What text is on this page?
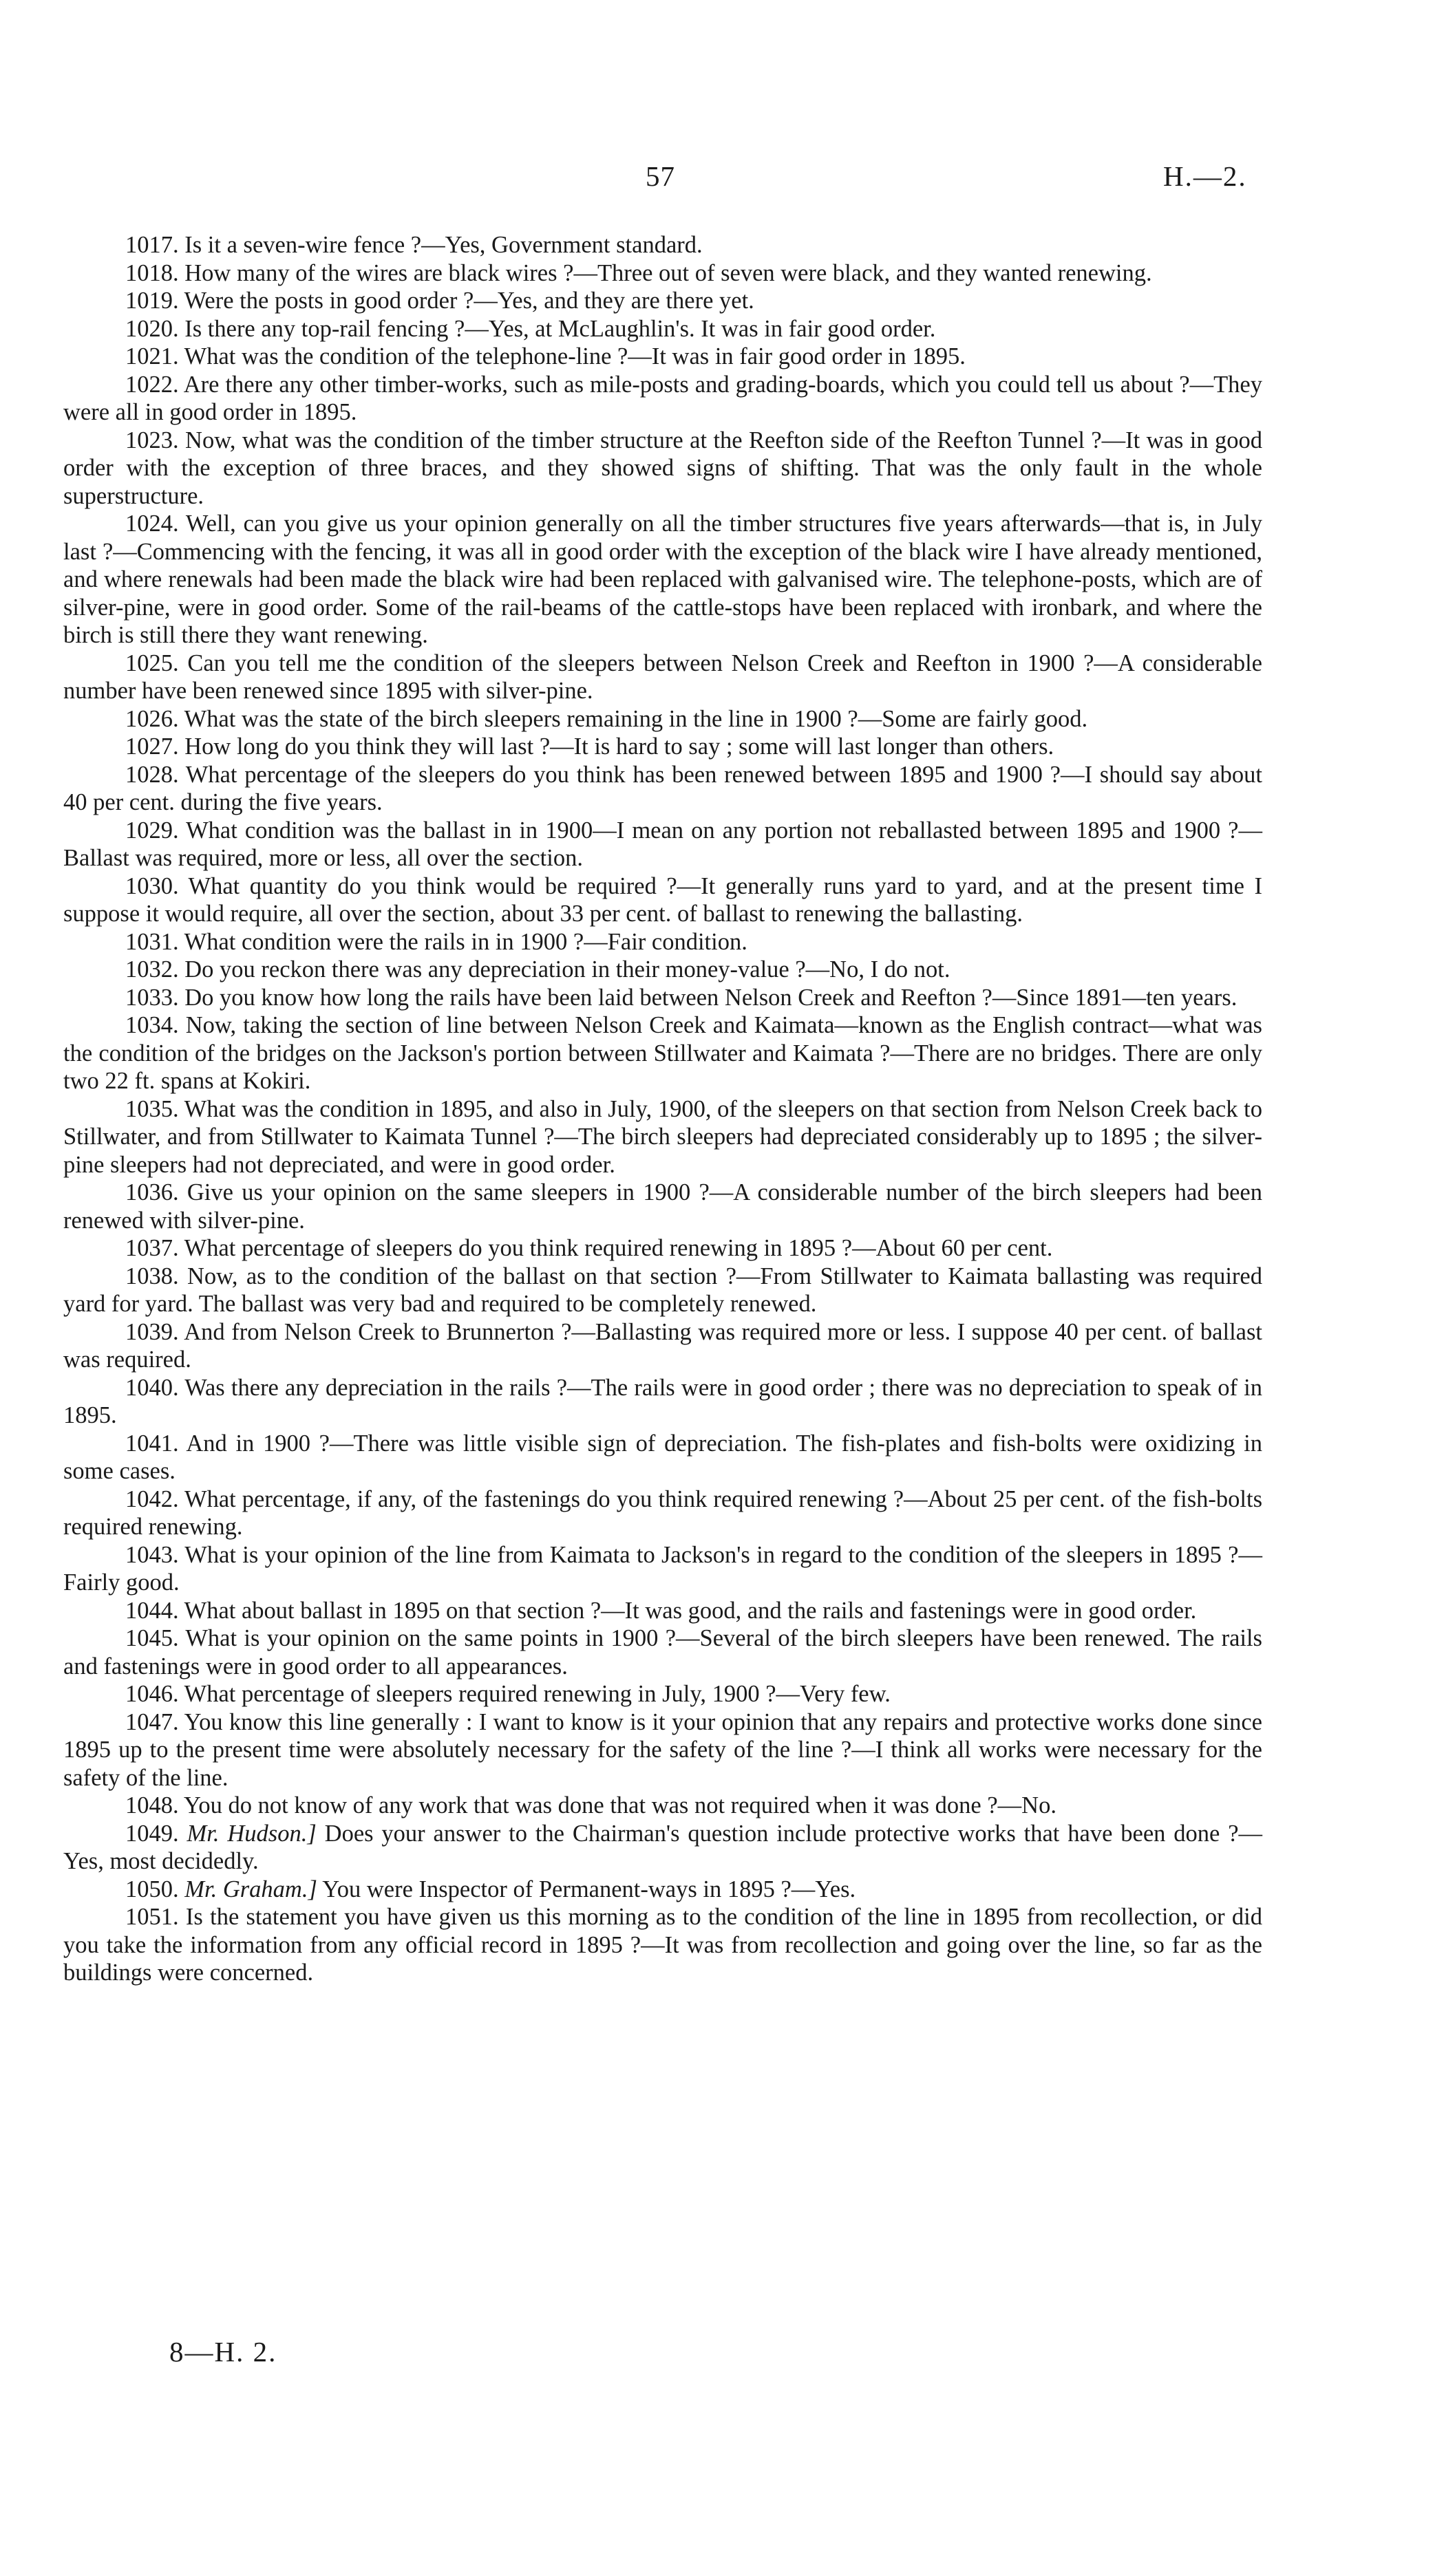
57	H.—2.

1017. Is it a seven-wire fence ?—Yes, Government standard.

1018. How many of the wires are black wires ?—Three out of seven were black, and they wanted renewing.

1019. Were the posts in good order ?—Yes, and they are there yet.

1020. Is there any top-rail fencing ?—Yes, at McLaughlin's. It was in fair good order.

1021. What was the condition of the telephone-line ?—It was in fair good order in 1895.

1022. Are there any other timber-works, such as mile-posts and grading-boards, which you could tell us about ?—They were all in good order in 1895.

1023. Now, what was the condition of the timber structure at the Reefton side of the Reefton Tunnel ?—It was in good order with the exception of three braces, and they showed signs of shifting. That was the only fault in the whole superstructure.

1024. Well, can you give us your opinion generally on all the timber structures five years afterwards—that is, in July last ?—Commencing with the fencing, it was all in good order with the exception of the black wire I have already mentioned, and where renewals had been made the black wire had been replaced with galvanised wire. The telephone-posts, which are of silver-pine, were in good order. Some of the rail-beams of the cattle-stops have been replaced with ironbark, and where the birch is still there they want renewing.

1025. Can you tell me the condition of the sleepers between Nelson Creek and Reefton in 1900 ?—A considerable number have been renewed since 1895 with silver-pine.

1026. What was the state of the birch sleepers remaining in the line in 1900 ?—Some are fairly good.

1027. How long do you think they will last ?—It is hard to say ; some will last longer than others.

1028. What percentage of the sleepers do you think has been renewed between 1895 and 1900 ?—I should say about 40 per cent. during the five years.

1029. What condition was the ballast in in 1900—I mean on any portion not reballasted between 1895 and 1900 ?—Ballast was required, more or less, all over the section.

1030. What quantity do you think would be required ?—It generally runs yard to yard, and at the present time I suppose it would require, all over the section, about 33 per cent. of ballast to renewing the ballasting.

1031. What condition were the rails in in 1900 ?—Fair condition.

1032. Do you reckon there was any depreciation in their money-value ?—No, I do not.

1033. Do you know how long the rails have been laid between Nelson Creek and Reefton ?—Since 1891—ten years.

1034. Now, taking the section of line between Nelson Creek and Kaimata—known as the English contract—what was the condition of the bridges on the Jackson's portion between Stillwater and Kaimata ?—There are no bridges. There are only two 22 ft. spans at Kokiri.

1035. What was the condition in 1895, and also in July, 1900, of the sleepers on that section from Nelson Creek back to Stillwater, and from Stillwater to Kaimata Tunnel ?—The birch sleepers had depreciated considerably up to 1895 ; the silver-pine sleepers had not depreciated, and were in good order.

1036. Give us your opinion on the same sleepers in 1900 ?—A considerable number of the birch sleepers had been renewed with silver-pine.

1037. What percentage of sleepers do you think required renewing in 1895 ?—About 60 per cent.

1038. Now, as to the condition of the ballast on that section ?—From Stillwater to Kaimata ballasting was required yard for yard. The ballast was very bad and required to be completely renewed.

1039. And from Nelson Creek to Brunnerton ?—Ballasting was required more or less. I suppose 40 per cent. of ballast was required.

1040. Was there any depreciation in the rails ?—The rails were in good order ; there was no depreciation to speak of in 1895.

1041. And in 1900 ?—There was little visible sign of depreciation. The fish-plates and fish-bolts were oxidizing in some cases.

1042. What percentage, if any, of the fastenings do you think required renewing ?—About 25 per cent. of the fish-bolts required renewing.

1043. What is your opinion of the line from Kaimata to Jackson's in regard to the condition of the sleepers in 1895 ?—Fairly good.

1044. What about ballast in 1895 on that section ?—It was good, and the rails and fastenings were in good order.

1045. What is your opinion on the same points in 1900 ?—Several of the birch sleepers have been renewed. The rails and fastenings were in good order to all appearances.

1046. What percentage of sleepers required renewing in July, 1900 ?—Very few.

1047. You know this line generally : I want to know is it your opinion that any repairs and protective works done since 1895 up to the present time were absolutely necessary for the safety of the line ?—I think all works were necessary for the safety of the line.

1048. You do not know of any work that was done that was not required when it was done ?—No.

1049. Mr. Hudson.] Does your answer to the Chairman's question include protective works that have been done ?—Yes, most decidedly.

1050. Mr. Graham.] You were Inspector of Permanent-ways in 1895 ?—Yes.

1051. Is the statement you have given us this morning as to the condition of the line in 1895 from recollection, or did you take the information from any official record in 1895 ?—It was from recollection and going over the line, so far as the buildings were concerned.

8—H. 2.
